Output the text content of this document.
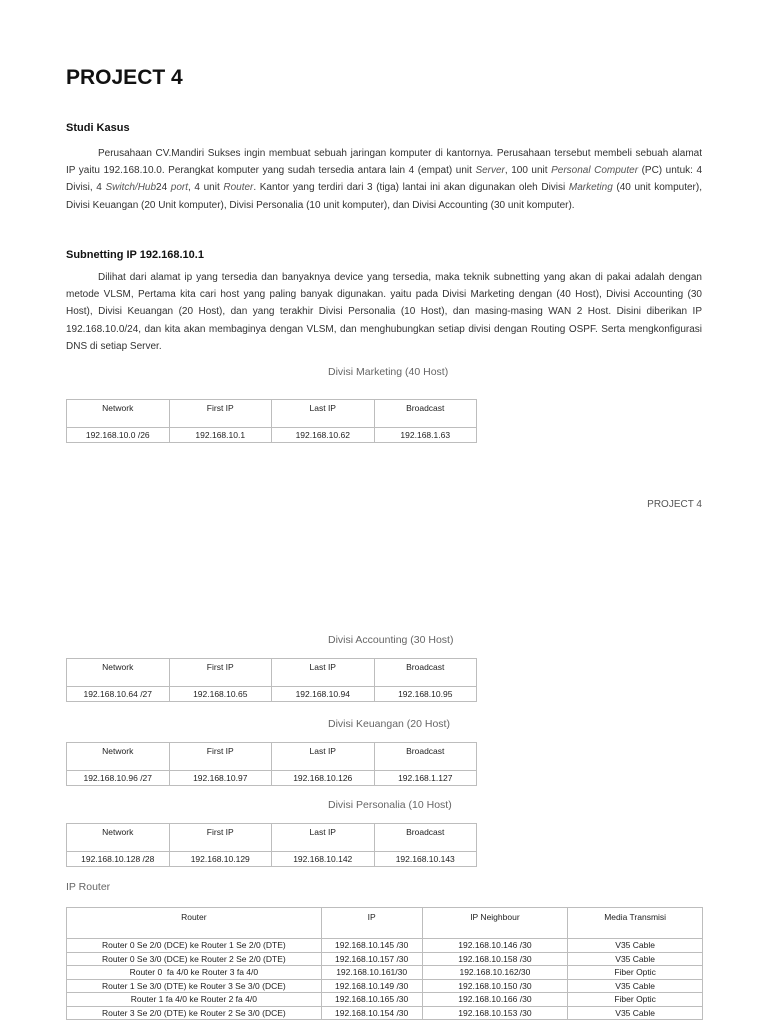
PROJECT 4
Studi Kasus

Perusahaan CV.Mandiri Sukses ingin membuat sebuah jaringan komputer di kantornya. Perusahaan tersebut membeli sebuah alamat IP yaitu 192.168.10.0. Perangkat komputer yang sudah tersedia antara lain 4 (empat) unit Server, 100 unit Personal Computer (PC) untuk: 4 Divisi, 4 Switch/Hub24 port, 4 unit Router. Kantor yang terdiri dari 3 (tiga) lantai ini akan digunakan oleh Divisi Marketing (40 unit komputer), Divisi Keuangan (20 Unit komputer), Divisi Personalia (10 unit komputer), dan Divisi Accounting (30 unit komputer).

Subnetting IP 192.168.10.1

Dilihat dari alamat ip yang tersedia dan banyaknya device yang tersedia, maka teknik subnetting yang akan di pakai adalah dengan metode VLSM, Pertama kita cari host yang paling banyak digunakan. yaitu pada Divisi Marketing dengan (40 Host), Divisi Accounting (30 Host), Divisi Keuangan (20 Host), dan yang terakhir Divisi Personalia (10 Host), dan masing-masing WAN 2 Host. Disini diberikan IP 192.168.10.0/24, dan kita akan membaginya dengan VLSM, dan menghubungkan setiap divisi dengan Routing OSPF. Serta mengkonfigurasi DNS di setiap Server.

Divisi Marketing (40 Host)
Network	First IP	Last IP	Broadcast
192.168.10.0 /26	192.168.10.1	192.168.10.62	192.168.1.63
PROJECT 4
Divisi Accounting (30 Host)
Network	First IP	Last IP	Broadcast
192.168.10.64 /27	192.168.10.65	192.168.10.94	192.168.10.95
Divisi Keuangan (20 Host)
Network	First IP	Last IP	Broadcast
192.168.10.96 /27	192.168.10.97	192.168.10.126	192.168.1.127
Divisi Personalia (10 Host)
Network	First IP	Last IP	Broadcast
192.168.10.128 /28	192.168.10.129	192.168.10.142	192.168.10.143
IP Router
Router	IP	IP Neighbour	Media Transmisi
Router 0 Se 2/0 (DCE) ke Router 1 Se 2/0 (DTE)	192.168.10.145 /30	192.168.10.146 /30	V35 Cable
Router 0 Se 3/0 (DCE) ke Router 2 Se 2/0 (DTE)	192.168.10.157 /30	192.168.10.158 /30	V35 Cable
Router 0  fa 4/0 ke Router 3 fa 4/0	192.168.10.161/30	192.168.10.162/30	Fiber Optic
Router 1 Se 3/0 (DTE) ke Router 3 Se 3/0 (DCE)	192.168.10.149 /30	192.168.10.150 /30	V35 Cable
Router 1 fa 4/0 ke Router 2 fa 4/0	192.168.10.165 /30	192.168.10.166 /30	Fiber Optic
Router 3 Se 2/0 (DTE) ke Router 2 Se 3/0 (DCE)	192.168.10.154 /30	192.168.10.153 /30	V35 Cable
